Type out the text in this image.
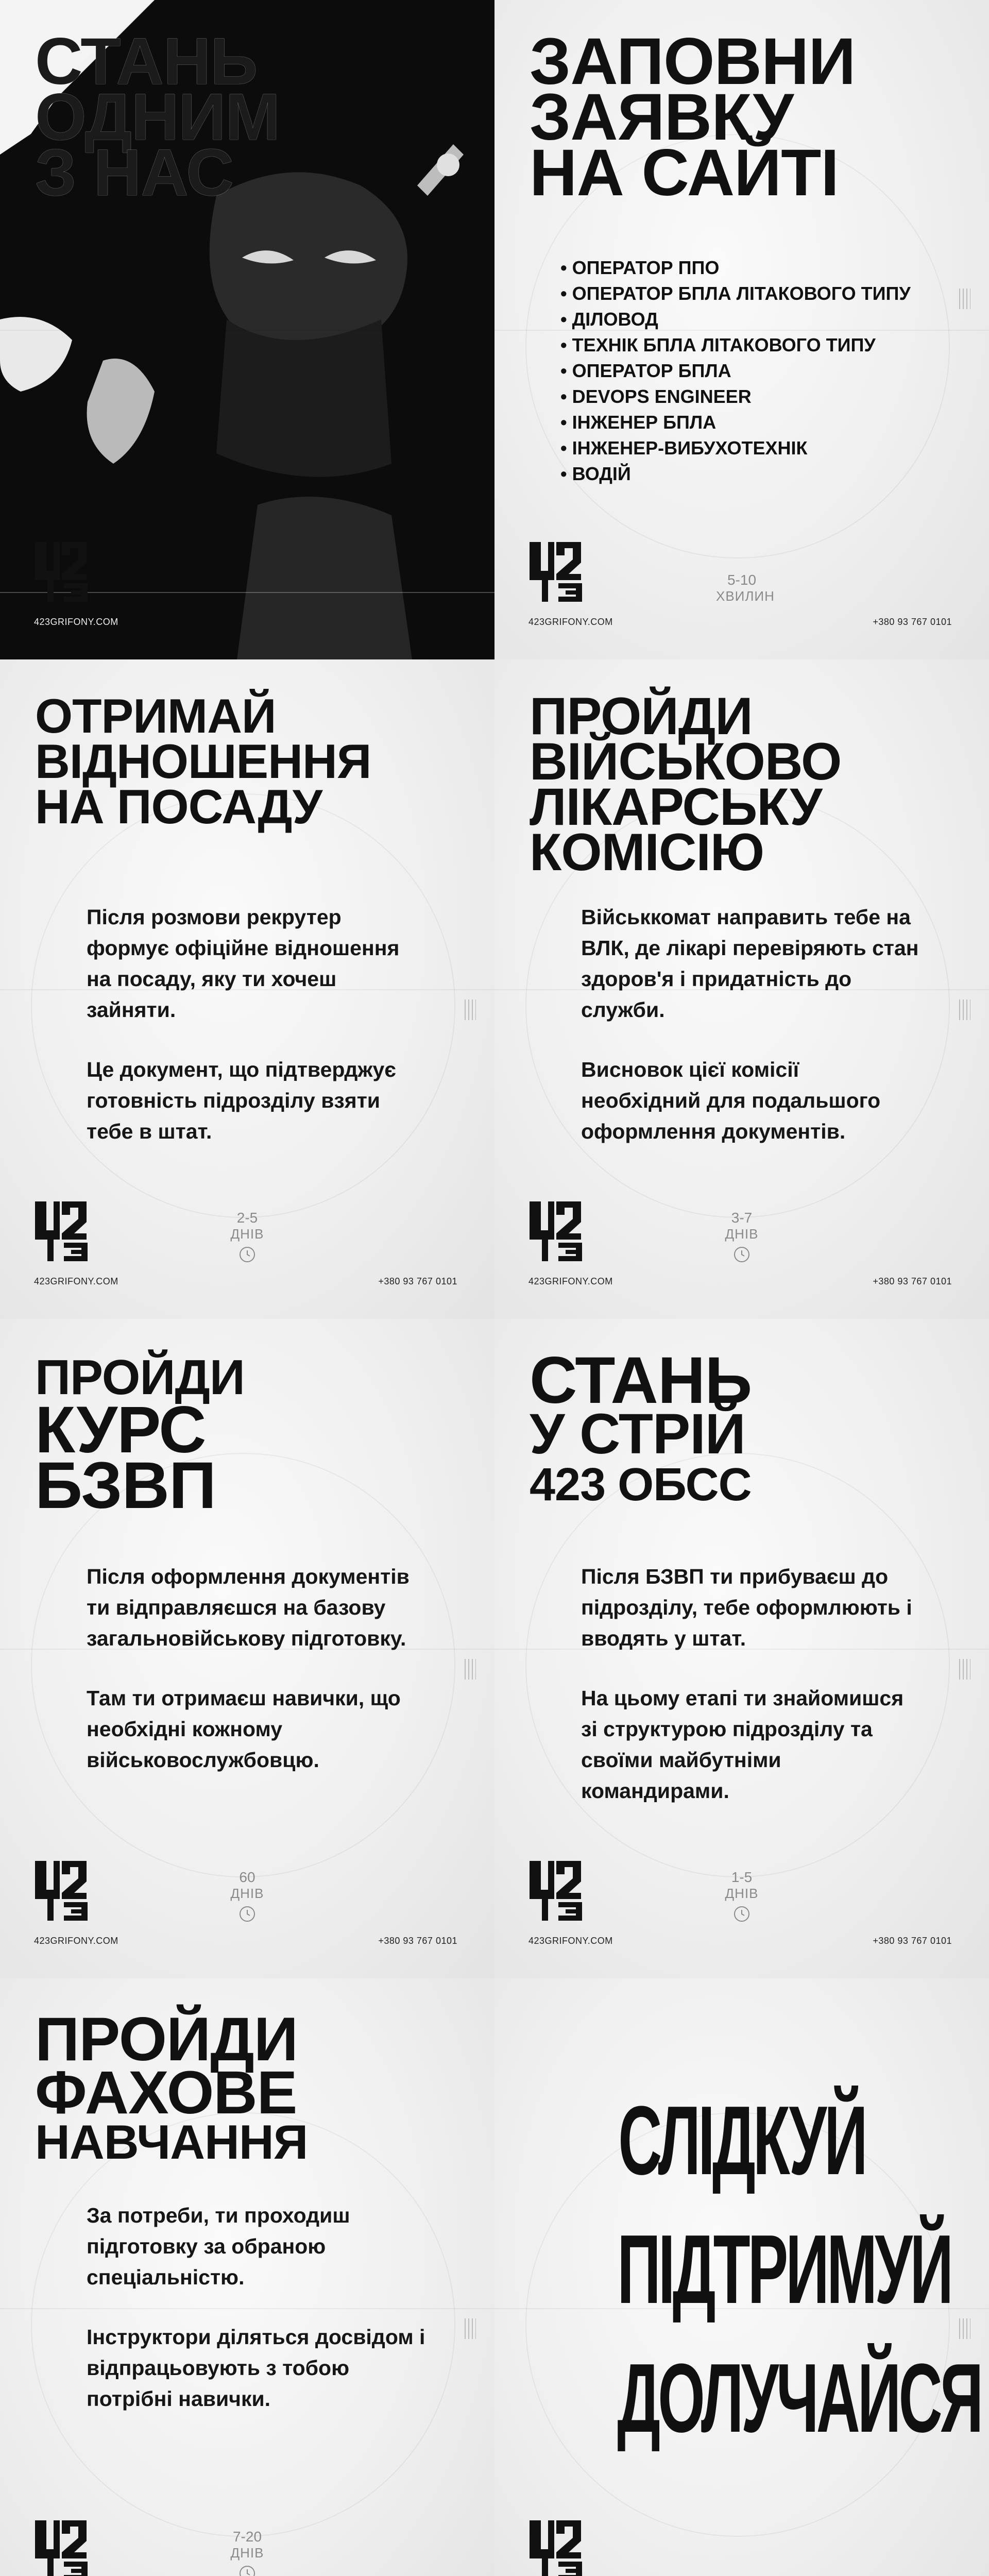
СТАНЬ
ОДНИМ
З НАС
423GRIFONY.COM
ЗАПОВНИ
ЗАЯВКУ
НА САЙТІ
• ОПЕРАТОР ППО
• ОПЕРАТОР БПЛА ЛІТАКОВОГО ТИПУ
• ДІЛОВОД
• ТЕХНІК БПЛА ЛІТАКОВОГО ТИПУ
• ОПЕРАТОР БПЛА
• DEVOPS ENGINEER
• ІНЖЕНЕР БПЛА
• ІНЖЕНЕР-ВИБУХОТЕХНІК
• ВОДІЙ
5-10
ХВИЛИН
423GRIFONY.COM	+380 93 767 0101
ОТРИМАЙ
ВІДНОШЕННЯ
НА ПОСАДУ

Після розмови рекрутер формує офіційне відношення на посаду, яку ти хочеш зайняти.

Це документ, що підтверджує готовність підрозділу взяти тебе в штат.

2-5
ДНІВ
423GRIFONY.COM	+380 93 767 0101
ПРОЙДИ
ВІЙСЬКОВО
ЛІКАРСЬКУ
КОМІСІЮ

Військкомат направить тебе на ВЛК, де лікарі перевіряють стан здоров'я і придатність до служби.

Висновок цієї комісії необхідний для подальшого оформлення документів.

3-7
ДНІВ
423GRIFONY.COM	+380 93 767 0101
ПРОЙДИ
КУРС
БЗВП

Після оформлення документів ти відправляєшся на базову загальновійськову підготовку.

Там ти отримаєш навички, що необхідні кожному військовослужбовцю.

60
ДНІВ
423GRIFONY.COM	+380 93 767 0101
СТАНЬ
У СТРІЙ
423 ОБСС

Після БЗВП ти прибуваєш до підрозділу, тебе оформлюють і вводять у штат.

На цьому етапі ти знайомишся зі структурою підрозділу та своїми майбутніми командирами.

1-5
ДНІВ
423GRIFONY.COM	+380 93 767 0101
ПРОЙДИ
ФАХОВЕ
НАВЧАННЯ

За потреби, ти проходиш підготовку за обраною спеціальністю.

Інструктори діляться досвідом і відпрацьовують з тобою потрібні навички.

7-20
ДНІВ
СЛІДКУЙ
ПІДТРИМУЙ
ДОЛУЧАЙСЯ
